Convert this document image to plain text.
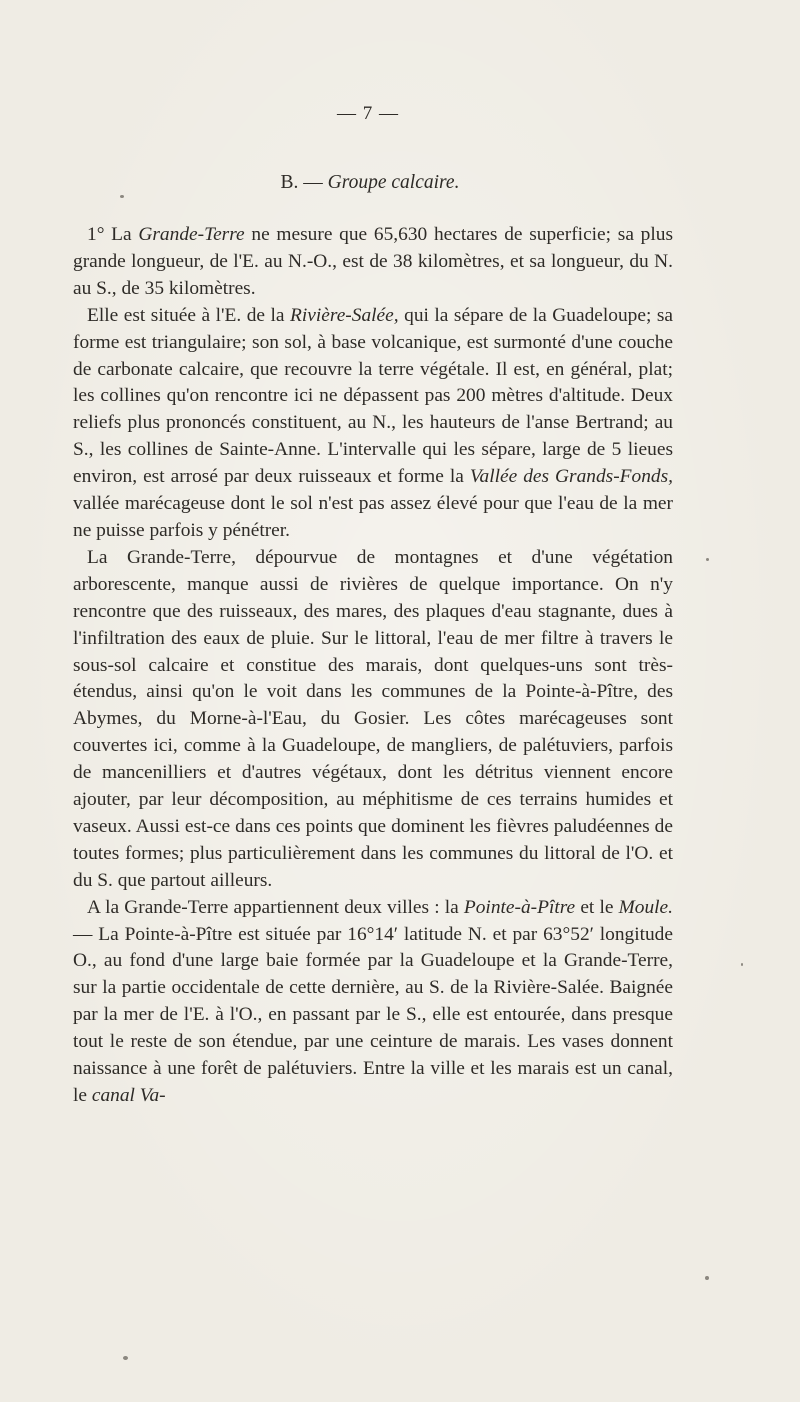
— 7 —
B. — Groupe calcaire.

1° La Grande-Terre ne mesure que 65,630 hectares de superficie; sa plus grande longueur, de l'E. au N.-O., est de 38 kilomètres, et sa longueur, du N. au S., de 35 kilomètres.

Elle est située à l'E. de la Rivière-Salée, qui la sépare de la Guadeloupe; sa forme est triangulaire; son sol, à base volcanique, est surmonté d'une couche de carbonate calcaire, que recouvre la terre végétale. Il est, en général, plat; les collines qu'on rencontre ici ne dépassent pas 200 mètres d'altitude. Deux reliefs plus prononcés constituent, au N., les hauteurs de l'anse Bertrand; au S., les collines de Sainte-Anne. L'intervalle qui les sépare, large de 5 lieues environ, est arrosé par deux ruisseaux et forme la Vallée des Grands-Fonds, vallée marécageuse dont le sol n'est pas assez élevé pour que l'eau de la mer ne puisse parfois y pénétrer.

La Grande-Terre, dépourvue de montagnes et d'une végétation arborescente, manque aussi de rivières de quelque importance. On n'y rencontre que des ruisseaux, des mares, des plaques d'eau stagnante, dues à l'infiltration des eaux de pluie. Sur le littoral, l'eau de mer filtre à travers le sous-sol calcaire et constitue des marais, dont quelques-uns sont très-étendus, ainsi qu'on le voit dans les communes de la Pointe-à-Pître, des Abymes, du Morne-à-l'Eau, du Gosier. Les côtes marécageuses sont couvertes ici, comme à la Guadeloupe, de mangliers, de palétuviers, parfois de mancenilliers et d'autres végétaux, dont les détritus viennent encore ajouter, par leur décomposition, au méphitisme de ces terrains humides et vaseux. Aussi est-ce dans ces points que dominent les fièvres paludéennes de toutes formes; plus particulièrement dans les communes du littoral de l'O. et du S. que partout ailleurs.

A la Grande-Terre appartiennent deux villes : la Pointe-à-Pître et le Moule. — La Pointe-à-Pître est située par 16°14′ latitude N. et par 63°52′ longitude O., au fond d'une large baie formée par la Guadeloupe et la Grande-Terre, sur la partie occidentale de cette dernière, au S. de la Rivière-Salée. Baignée par la mer de l'E. à l'O., en passant par le S., elle est entourée, dans presque tout le reste de son étendue, par une ceinture de marais. Les vases donnent naissance à une forêt de palétuviers. Entre la ville et les marais est un canal, le canal Va-
